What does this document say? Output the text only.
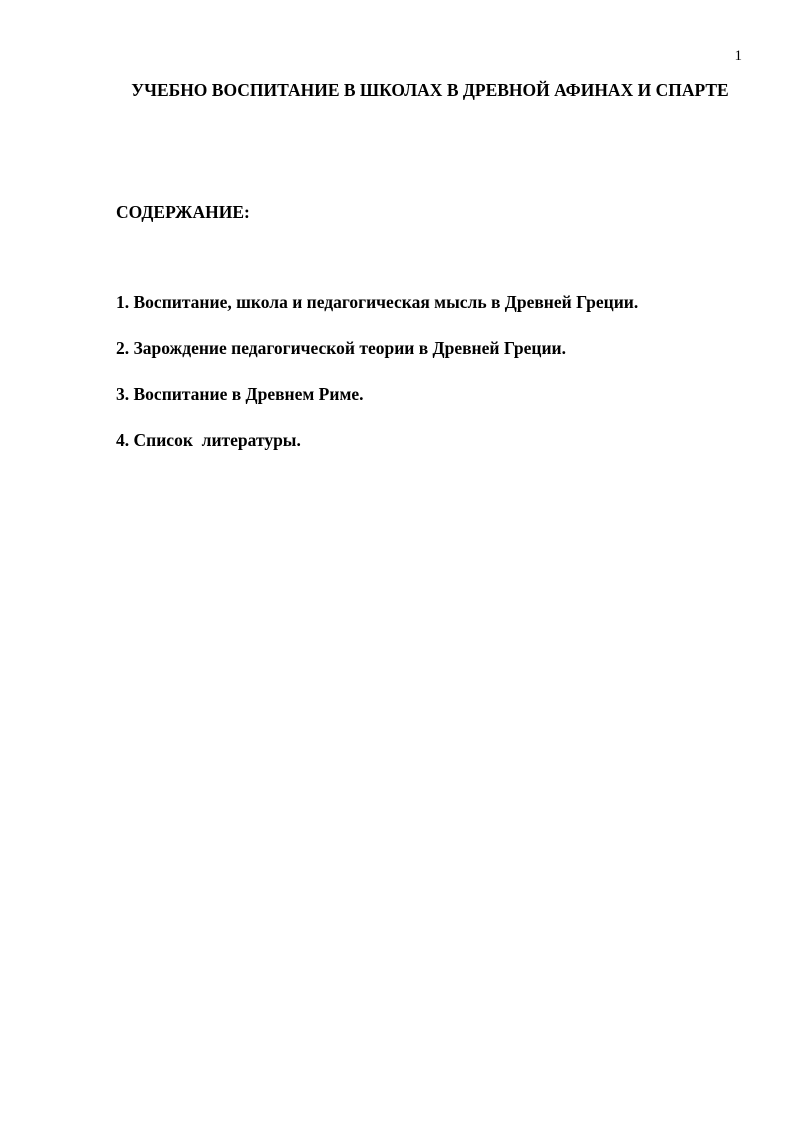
1
УЧЕБНО ВОСПИТАНИЕ В ШКОЛАХ В ДРЕВНОЙ АФИНАХ И СПАРТЕ
СОДЕРЖАНИЕ:
1. Воспитание, школа и педагогическая мысль в Древней Греции.
2. Зарождение педагогической теории в Древней Греции.
3. Воспитание в Древнем Риме.
4. Список  литературы.
